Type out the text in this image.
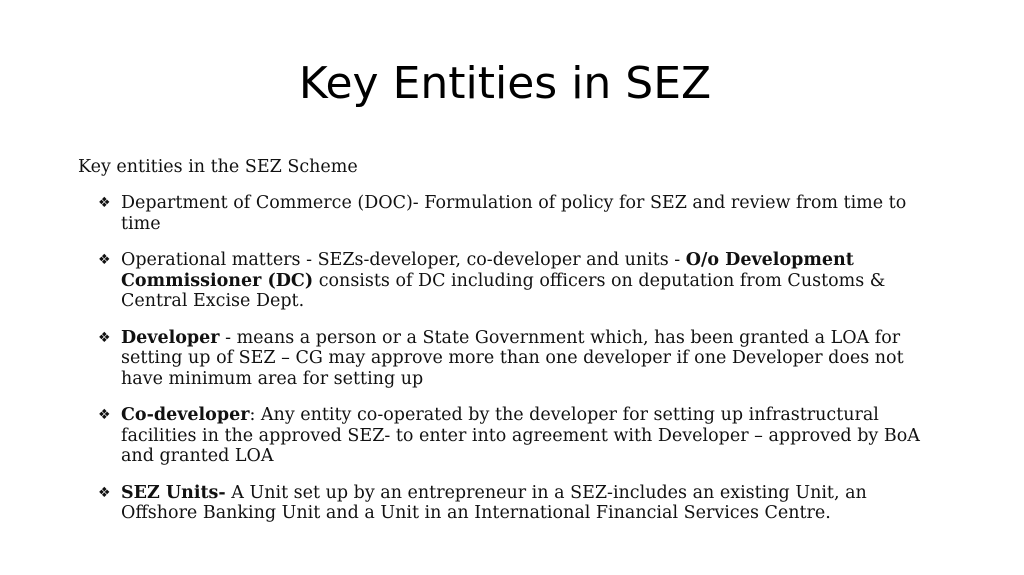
Key Entities in SEZ

Key entities in the SEZ Scheme

❖ Department of Commerce (DOC)- Formulation of policy for SEZ and review from time to time
❖ Operational matters - SEZs-developer, co-developer and units - O/o Development Commissioner (DC) consists of DC including officers on deputation from Customs & Central Excise Dept.
❖ Developer - means a person or a State Government which, has been granted a LOA for setting up of SEZ – CG may approve more than one developer if one Developer does not have minimum area for setting up
❖ Co-developer: Any entity co-operated by the developer for setting up infrastructural facilities in the approved SEZ- to enter into agreement with Developer – approved by BoA and granted LOA
❖ SEZ Units- A Unit set up by an entrepreneur in a SEZ-includes an existing Unit, an Offshore Banking Unit and a Unit in an International Financial Services Centre.
